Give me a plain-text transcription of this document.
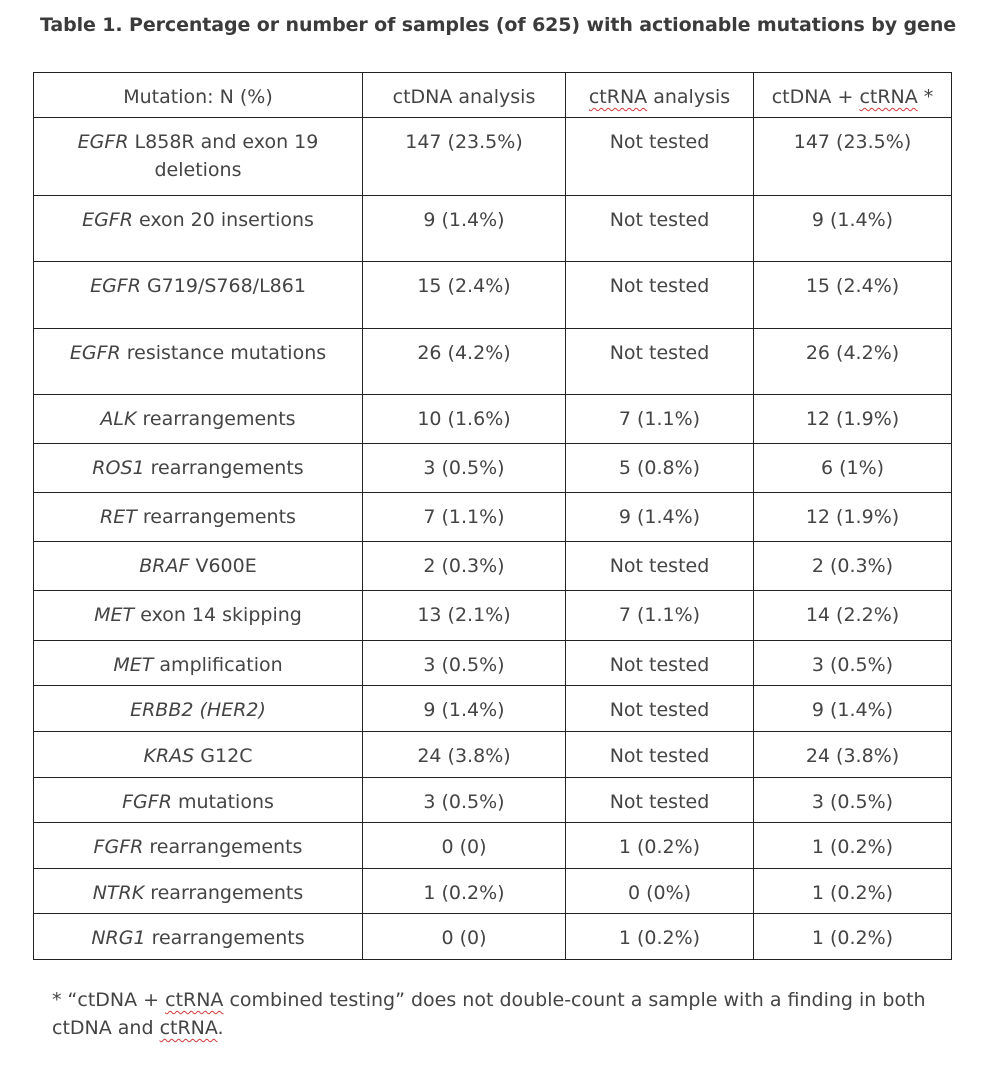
Table 1. Percentage or number of samples (of 625) with actionable mutations by gene
Mutation: N (%)	ctDNA analysis	ctRNA analysis	ctDNA + ctRNA *
EGFR L858R and exon 19 deletions	147 (23.5%)	Not tested	147 (23.5%)
EGFR exon 20 insertions	9 (1.4%)	Not tested	9 (1.4%)
EGFR G719/S768/L861	15 (2.4%)	Not tested	15 (2.4%)
EGFR resistance mutations	26 (4.2%)	Not tested	26 (4.2%)
ALK rearrangements	10 (1.6%)	7 (1.1%)	12 (1.9%)
ROS1 rearrangements	3 (0.5%)	5 (0.8%)	6 (1%)
RET rearrangements	7 (1.1%)	9 (1.4%)	12 (1.9%)
BRAF V600E	2 (0.3%)	Not tested	2 (0.3%)
MET exon 14 skipping	13 (2.1%)	7 (1.1%)	14 (2.2%)
MET amplification	3 (0.5%)	Not tested	3 (0.5%)
ERBB2 (HER2)	9 (1.4%)	Not tested	9 (1.4%)
KRAS G12C	24 (3.8%)	Not tested	24 (3.8%)
FGFR mutations	3 (0.5%)	Not tested	3 (0.5%)
FGFR rearrangements	0 (0)	1 (0.2%)	1 (0.2%)
NTRK rearrangements	1 (0.2%)	0 (0%)	1 (0.2%)
NRG1 rearrangements	0 (0)	1 (0.2%)	1 (0.2%)
* “ctDNA + ctRNA combined testing” does not double-count a sample with a finding in both ctDNA and ctRNA.
